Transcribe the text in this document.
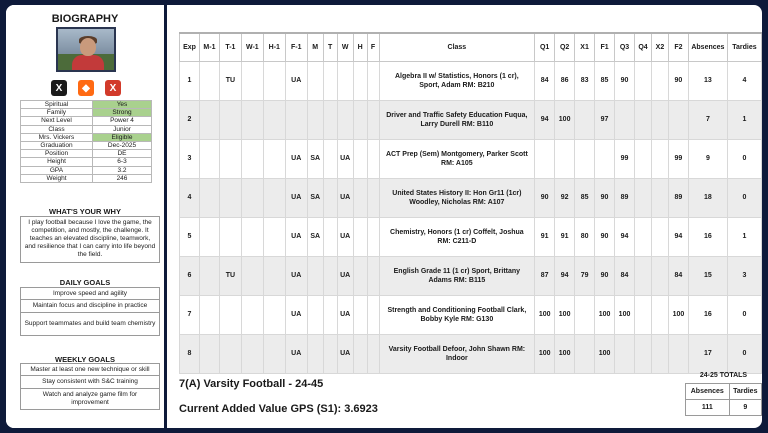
BIOGRAPHY
X	◆	X
Spiritual	Yes
Family	Strong
Next Level	Power 4
Class	Junior
Mrs. Vickers	Eligible
Graduation	Dec-2025
Position	DE
Height	6-3
GPA	3.2
Weight	246
WHAT'S YOUR WHY
I play football because I love the game, the competition, and mostly, the challenge. It teaches an elevated discipline, teamwork, and resilience that I can carry into life beyond the field.
DAILY GOALS
Improve speed and agility
Maintain focus and discipline in practice
Support teammates and build team chemistry
WEEKLY GOALS
Master at least one new technique or skill
Stay consistent with S&C training
Watch and analyze game film for improvement
Exp	M-1	T-1	W-1	H-1	F-1	M	T	W	H	F	Class	Q1	Q2	X1	F1	Q3	Q4	X2	F2	Absences	Tardies
1		TU			UA						Algebra II w/ Statistics, Honors (1 cr), Sport, Adam RM: B210	84	86	83	85	90			90	13	4
2											Driver and Traffic Safety Education Fuqua, Larry Durell RM: B110	94	100		97					7	1
3					UA	SA		UA			ACT Prep (Sem) Montgomery, Parker Scott RM: A105					99			99	9	0
4					UA	SA		UA			United States History II: Hon Gr11 (1cr) Woodley, Nicholas RM: A107	90	92	85	90	89			89	18	0
5					UA	SA		UA			Chemistry, Honors (1 cr) Coffelt, Joshua RM: C211-D	91	91	80	90	94			94	16	1
6		TU			UA			UA			English Grade 11 (1 cr) Sport, Brittany Adams RM: B115	87	94	79	90	84			84	15	3
7					UA			UA			Strength and Conditioning Football Clark, Bobby Kyle RM: G130	100	100		100	100			100	16	0
8					UA			UA			Varsity Football Defoor, John Shawn RM: Indoor	100	100		100					17	0
7(A) Varsity Football - 24-45
Current Added Value GPS (S1): 3.6923
24-25 TOTALS
Absences	Tardies
111	9
